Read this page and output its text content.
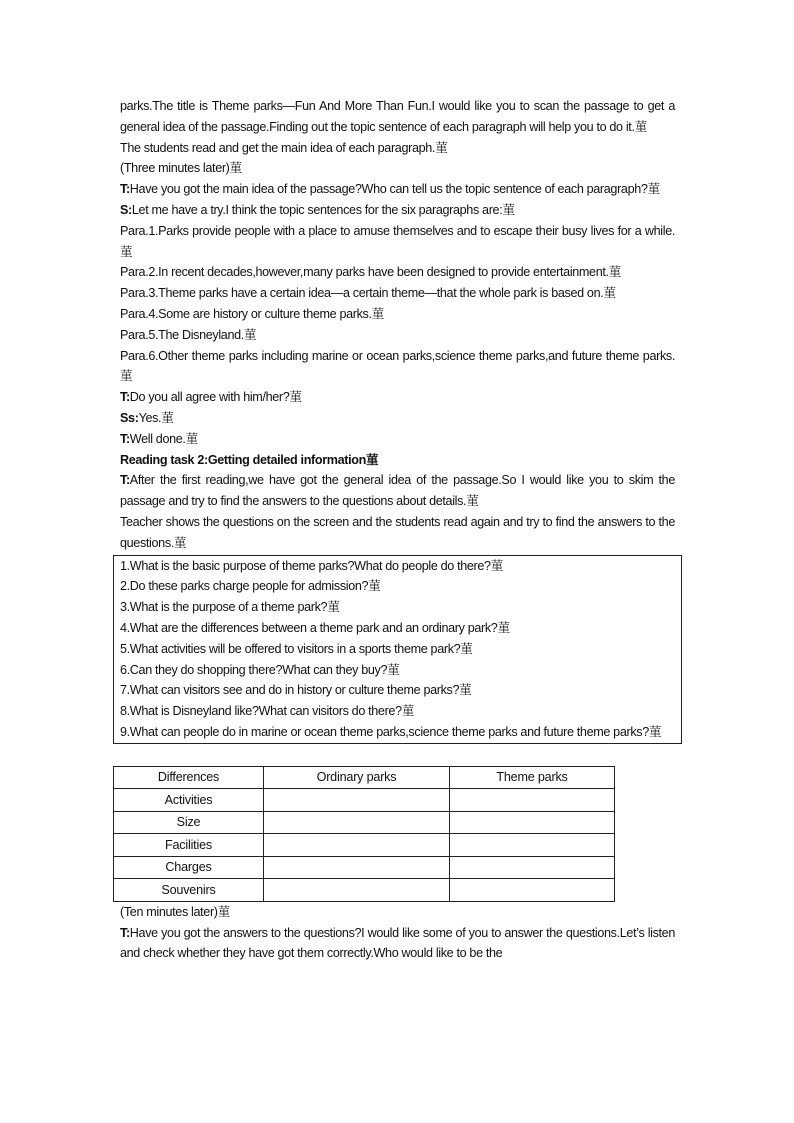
parks.The title is Theme parks—Fun And More Than Fun.I would like you to scan the passage to get a general idea of the passage.Finding out the topic sentence of each paragraph will help you to do it.菫

The students read and get the main idea of each paragraph.菫

(Three minutes later)菫

T:Have you got the main idea of the passage?Who can tell us the topic sentence of each paragraph?菫

S:Let me have a try.I think the topic sentences for the six paragraphs are:菫

Para.1.Parks provide people with a place to amuse themselves and to escape their busy lives for a while.菫

Para.2.In recent decades,however,many parks have been designed to provide entertainment.菫

Para.3.Theme parks have a certain idea—a certain theme—that the whole park is based on.菫

Para.4.Some are history or culture theme parks.菫

Para.5.The Disneyland.菫

Para.6.Other theme parks including marine or ocean parks,science theme parks,and future theme parks.菫

T:Do you all agree with him/her?菫

Ss:Yes.菫

T:Well done.菫

Reading task 2:Getting detailed information菫

T:After the first reading,we have got the general idea of the passage.So I would like you to skim the passage and try to find the answers to the questions about details.菫

Teacher shows the questions on the screen and the students read again and try to find the answers to the questions.菫

1.What is the basic purpose of theme parks?What do people do there?菫

2.Do these parks charge people for admission?菫

3.What is the purpose of a theme park?菫

4.What are the differences between a theme park and an ordinary park?菫

5.What activities will be offered to visitors in a sports theme park?菫

6.Can they do shopping there?What can they buy?菫

7.What can visitors see and do in history or culture theme parks?菫

8.What is Disneyland like?What can visitors do there?菫

9.What can people do in marine or ocean theme parks,science theme parks and future theme parks?菫

Differences	Ordinary parks	Theme parks
Activities		
Size		
Facilities		
Charges		
Souvenirs		

(Ten minutes later)菫

T:Have you got the answers to the questions?I would like some of you to answer the questions.Let’s listen and check whether they have got them correctly.Who would like to be the
